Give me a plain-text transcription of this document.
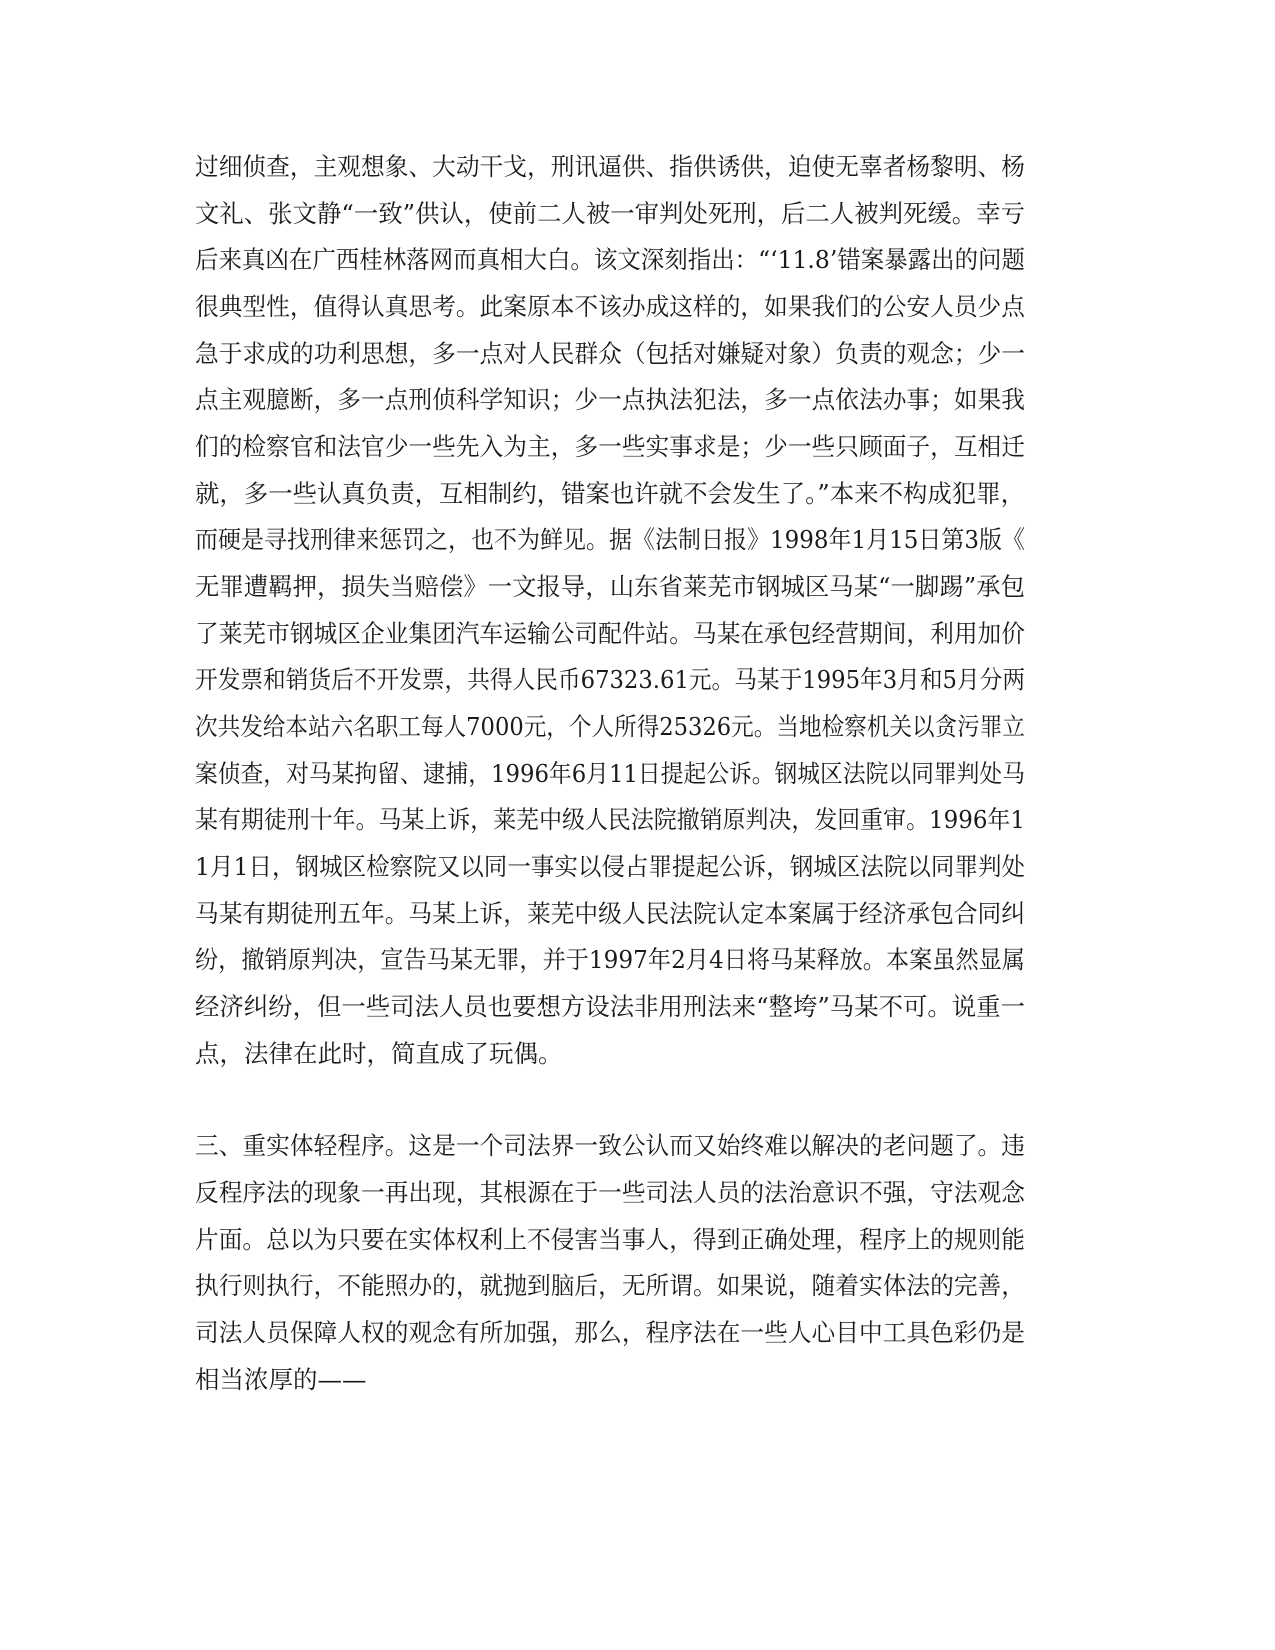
过细侦查，主观想象、大动干戈，刑讯逼供、指供诱供，迫使无辜者杨黎明、杨
文礼、张文静“一致”供认，使前二人被一审判处死刑，后二人被判死缓。幸亏
后来真凶在广西桂林落网而真相大白。该文深刻指出：“‘11.8’错案暴露出的问题
很典型性，值得认真思考。此案原本不该办成这样的，如果我们的公安人员少点
急于求成的功利思想，多一点对人民群众（包括对嫌疑对象）负责的观念；少一
点主观臆断，多一点刑侦科学知识；少一点执法犯法，多一点依法办事；如果我
们的检察官和法官少一些先入为主，多一些实事求是；少一些只顾面子，互相迁
就，多一些认真负责，互相制约，错案也许就不会发生了。”本来不构成犯罪，
而硬是寻找刑律来惩罚之，也不为鲜见。据《法制日报》1998年1月15日第3版《
无罪遭羁押，损失当赔偿》一文报导，山东省莱芜市钢城区马某“一脚踢”承包
了莱芜市钢城区企业集团汽车运输公司配件站。马某在承包经营期间，利用加价
开发票和销货后不开发票，共得人民币67323.61元。马某于1995年3月和5月分两
次共发给本站六名职工每人7000元，个人所得25326元。当地检察机关以贪污罪立
案侦查，对马某拘留、逮捕，1996年6月11日提起公诉。钢城区法院以同罪判处马
某有期徒刑十年。马某上诉，莱芜中级人民法院撤销原判决，发回重审。1996年1
1月1日，钢城区检察院又以同一事实以侵占罪提起公诉，钢城区法院以同罪判处
马某有期徒刑五年。马某上诉，莱芜中级人民法院认定本案属于经济承包合同纠
纷，撤销原判决，宣告马某无罪，并于1997年2月4日将马某释放。本案虽然显属
经济纠纷，但一些司法人员也要想方设法非用刑法来“整垮”马某不可。说重一
点，法律在此时，简直成了玩偶。
三、重实体轻程序。这是一个司法界一致公认而又始终难以解决的老问题了。违
反程序法的现象一再出现，其根源在于一些司法人员的法治意识不强，守法观念
片面。总以为只要在实体权利上不侵害当事人，得到正确处理，程序上的规则能
执行则执行，不能照办的，就抛到脑后，无所谓。如果说，随着实体法的完善，
司法人员保障人权的观念有所加强，那么，程序法在一些人心目中工具色彩仍是
相当浓厚的——
